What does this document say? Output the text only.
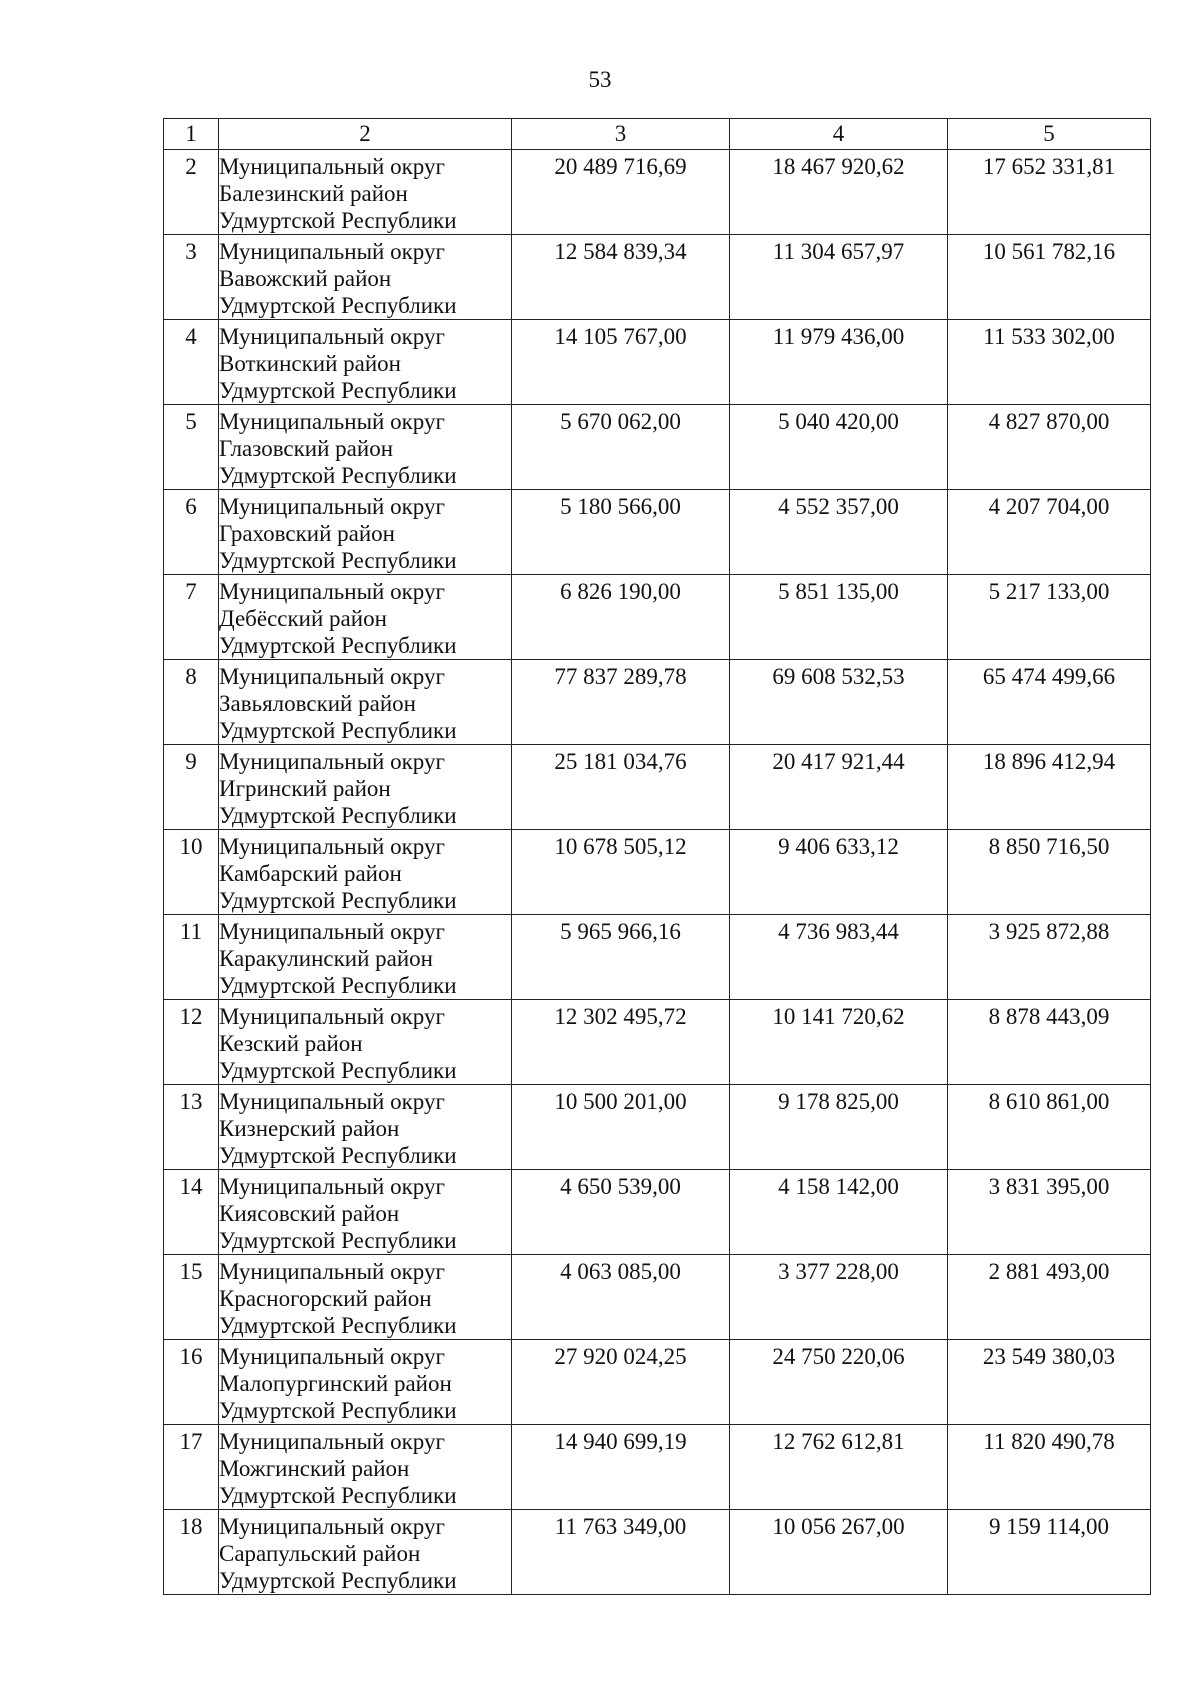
53
1	2	3	4	5
2	Муниципальный округ
Балезинский район
Удмуртской Республики	20 489 716,69	18 467 920,62	17 652 331,81
3	Муниципальный округ
Вавожский район
Удмуртской Республики	12 584 839,34	11 304 657,97	10 561 782,16
4	Муниципальный округ
Воткинский район
Удмуртской Республики	14 105 767,00	11 979 436,00	11 533 302,00
5	Муниципальный округ
Глазовский район
Удмуртской Республики	5 670 062,00	5 040 420,00	4 827 870,00
6	Муниципальный округ
Граховский район
Удмуртской Республики	5 180 566,00	4 552 357,00	4 207 704,00
7	Муниципальный округ
Дебёсский район
Удмуртской Республики	6 826 190,00	5 851 135,00	5 217 133,00
8	Муниципальный округ
Завьяловский район
Удмуртской Республики	77 837 289,78	69 608 532,53	65 474 499,66
9	Муниципальный округ
Игринский район
Удмуртской Республики	25 181 034,76	20 417 921,44	18 896 412,94
10	Муниципальный округ
Камбарский район
Удмуртской Республики	10 678 505,12	9 406 633,12	8 850 716,50
11	Муниципальный округ
Каракулинский район
Удмуртской Республики	5 965 966,16	4 736 983,44	3 925 872,88
12	Муниципальный округ
Кезский район
Удмуртской Республики	12 302 495,72	10 141 720,62	8 878 443,09
13	Муниципальный округ
Кизнерский район
Удмуртской Республики	10 500 201,00	9 178 825,00	8 610 861,00
14	Муниципальный округ
Киясовский район
Удмуртской Республики	4 650 539,00	4 158 142,00	3 831 395,00
15	Муниципальный округ
Красногорский район
Удмуртской Республики	4 063 085,00	3 377 228,00	2 881 493,00
16	Муниципальный округ
Малопургинский район
Удмуртской Республики	27 920 024,25	24 750 220,06	23 549 380,03
17	Муниципальный округ
Можгинский район
Удмуртской Республики	14 940 699,19	12 762 612,81	11 820 490,78
18	Муниципальный округ
Сарапульский район
Удмуртской Республики	11 763 349,00	10 056 267,00	9 159 114,00
